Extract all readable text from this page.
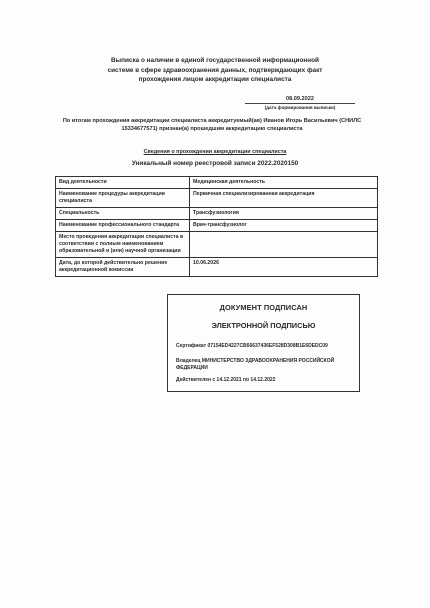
Выписка о наличии в единой государственной информационной
системе в сфере здравоохранения данных, подтверждающих факт
прохождения лицом аккредитации специалиста
08.09.2022
(дата формирования выписки)
По итогам прохождения аккредитации специалиста аккредитуемый(ая) Иванов Игорь Васильевич (СНИЛС 15334677571) признан(а) прошедшим аккредитацию специалиста
Сведения о прохождении аккредитации специалиста
Уникальный номер реестровой записи 2022.2020150
Вид деятельности	Медицинская деятельность
Наименование процедуры аккредитации специалиста	Первичная специализированная аккредитация
Специальность	Трансфузиология
Наименование профессионального стандарта	Врач-трансфузиолог
Место проведения аккредитации специалиста в соответствии с полным наименованием образовательной и (или) научной организации	
Дата, до которой действительно решение аккредитационной комиссии	10.06.2026
ДОКУМЕНТ ПОДПИСАН
ЭЛЕКТРОННОЙ ПОДПИСЬЮ
Сертификат 07154ED4227CB66637436EF528D308B1E6DEDC09
Владелец МИНИСТЕРСТВО ЗДРАВООХРАНЕНИЯ РОССИЙСКОЙ ФЕДЕРАЦИИ
Действителен с 14.12.2021 по 14.12.2022
